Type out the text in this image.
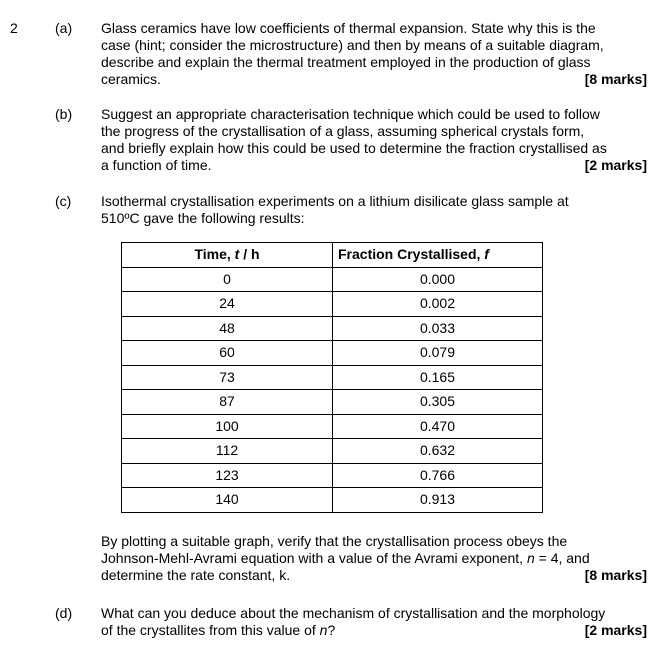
2	(a) Glass ceramics have low coefficients of thermal expansion. State why this is the
case (hint; consider the microstructure) and then by means of a suitable diagram,
describe and explain the thermal treatment employed in the production of glass
ceramics.	[8 marks]
(b) Suggest an appropriate characterisation technique which could be used to follow
the progress of the crystallisation of a glass, assuming spherical crystals form,
and briefly explain how this could be used to determine the fraction crystallised as
a function of time.	[2 marks]
(c) Isothermal crystallisation experiments on a lithium disilicate glass sample at
510ºC gave the following results:
Time, t / h	Fraction Crystallised, f
0	0.000
24	0.002
48	0.033
60	0.079
73	0.165
87	0.305
100	0.470
112	0.632
123	0.766
140	0.913
By plotting a suitable graph, verify that the crystallisation process obeys the
Johnson-Mehl-Avrami equation with a value of the Avrami exponent, n = 4, and
determine the rate constant, k.	[8 marks]
(d) What can you deduce about the mechanism of crystallisation and the morphology
of the crystallites from this value of n?	[2 marks]
